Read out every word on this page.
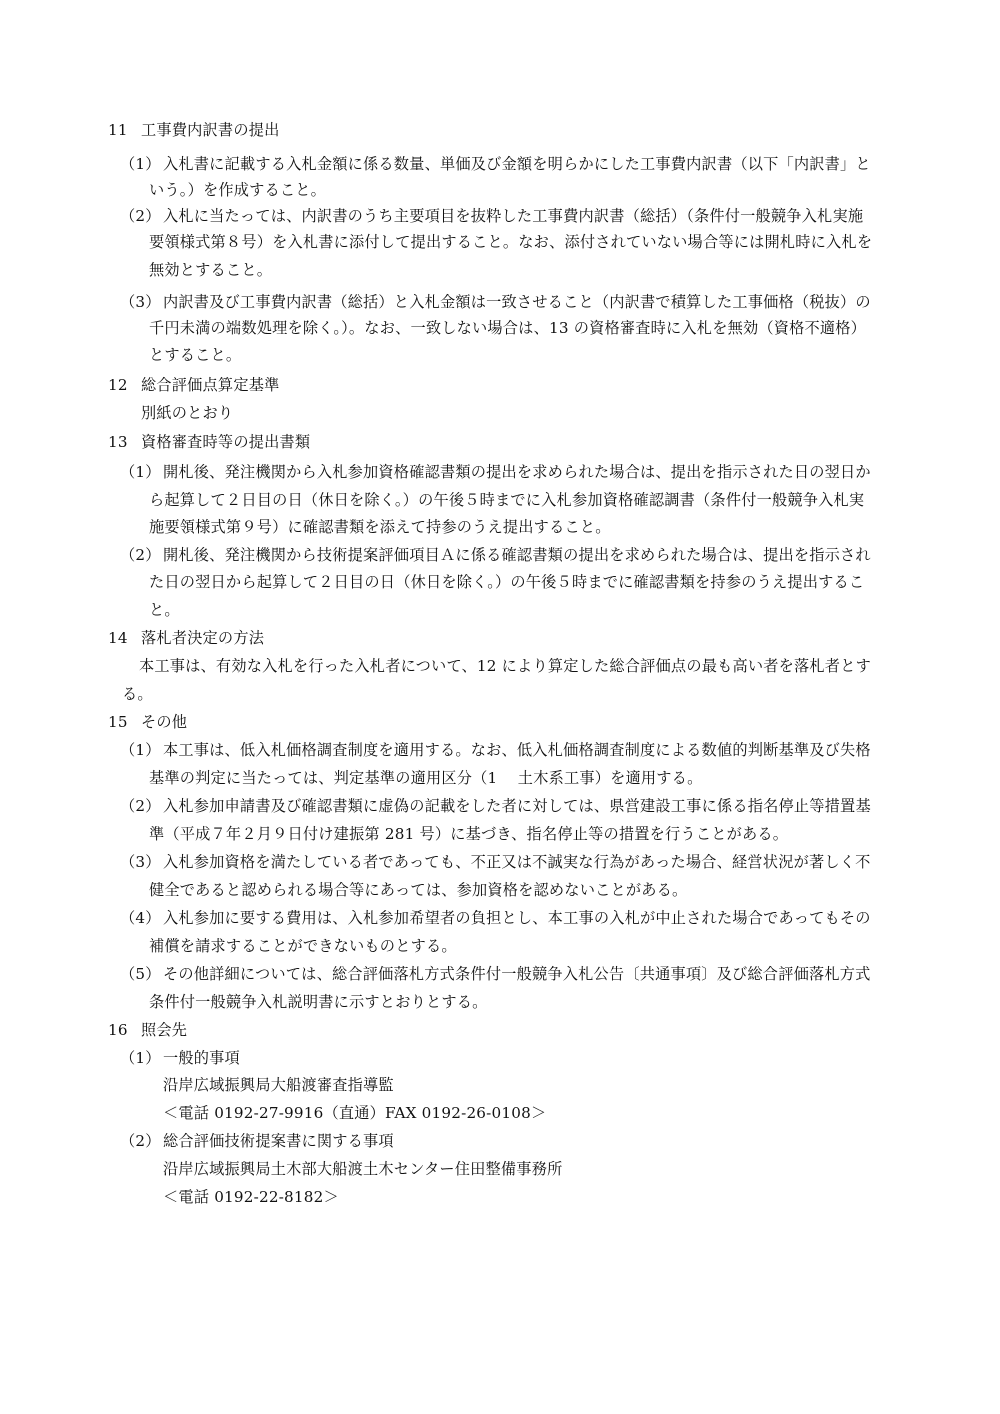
11 工事費内訳書の提出
（1） 入札書に記載する入札金額に係る数量、単価及び金額を明らかにした工事費内訳書（以下「内訳書」と
いう。）を作成すること。
（2） 入札に当たっては、内訳書のうち主要項目を抜粋した工事費内訳書（総括）（条件付一般競争入札実施
要領様式第８号）を入札書に添付して提出すること。なお、添付されていない場合等には開札時に入札を
無効とすること。
（3） 内訳書及び工事費内訳書（総括）と入札金額は一致させること（内訳書で積算した工事価格（税抜）の
千円未満の端数処理を除く。）。なお、一致しない場合は、13 の資格審査時に入札を無効（資格不適格）
とすること。
12 総合評価点算定基準
別紙のとおり
13 資格審査時等の提出書類
（1） 開札後、発注機関から入札参加資格確認書類の提出を求められた場合は、提出を指示された日の翌日か
ら起算して２日目の日（休日を除く。）の午後５時までに入札参加資格確認調書（条件付一般競争入札実
施要領様式第９号）に確認書類を添えて持参のうえ提出すること。
（2） 開札後、発注機関から技術提案評価項目Ａに係る確認書類の提出を求められた場合は、提出を指示され
た日の翌日から起算して２日目の日（休日を除く。）の午後５時までに確認書類を持参のうえ提出するこ
と。
14 落札者決定の方法
本工事は、有効な入札を行った入札者について、12 により算定した総合評価点の最も高い者を落札者とす
る。
15 その他
（1） 本工事は、低入札価格調査制度を適用する。なお、低入札価格調査制度による数値的判断基準及び失格
基準の判定に当たっては、判定基準の適用区分（1　 土木系工事）を適用する。
（2） 入札参加申請書及び確認書類に虚偽の記載をした者に対しては、県営建設工事に係る指名停止等措置基
準（平成７年２月９日付け建振第 281 号）に基づき、指名停止等の措置を行うことがある。
（3） 入札参加資格を満たしている者であっても、不正又は不誠実な行為があった場合、経営状況が著しく不
健全であると認められる場合等にあっては、参加資格を認めないことがある。
（4） 入札参加に要する費用は、入札参加希望者の負担とし、本工事の入札が中止された場合であってもその
補償を請求することができないものとする。
（5） その他詳細については、総合評価落札方式条件付一般競争入札公告〔共通事項〕及び総合評価落札方式
条件付一般競争入札説明書に示すとおりとする。
16 照会先
（1） 一般的事項
沿岸広域振興局大船渡審査指導監
＜電話 0192-27-9916（直通）FAX 0192-26-0108＞
（2） 総合評価技術提案書に関する事項
沿岸広域振興局土木部大船渡土木センター住田整備事務所
＜電話 0192-22-8182＞
